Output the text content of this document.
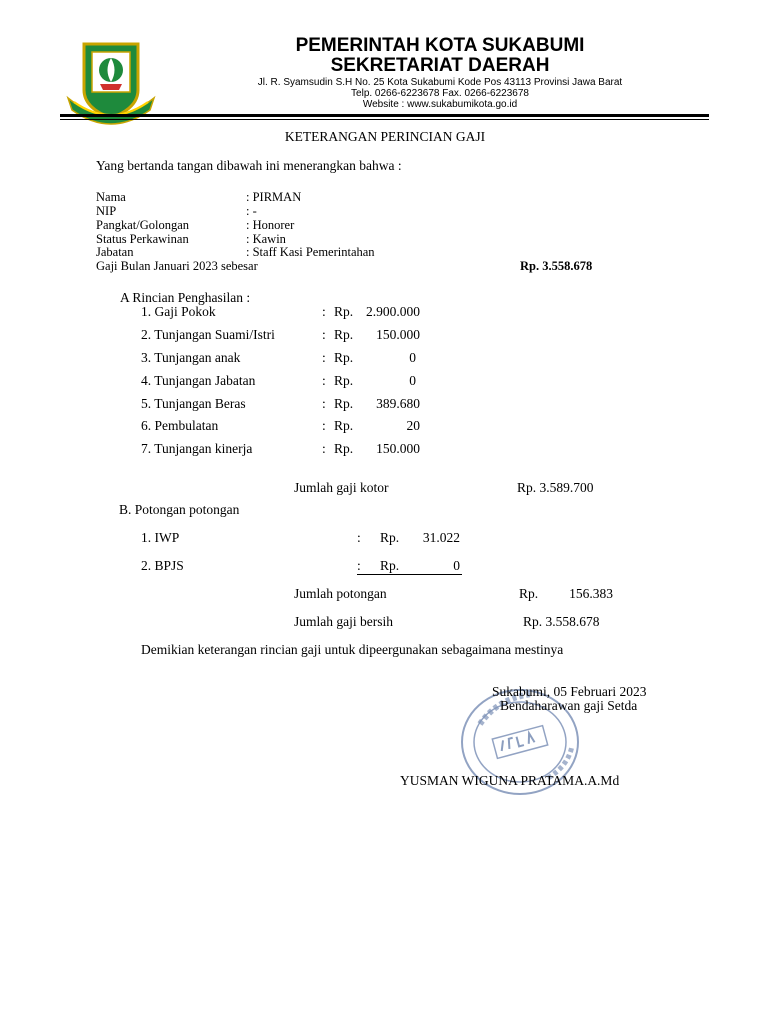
PEMERINTAH KOTA SUKABUMI
SEKRETARIAT DAERAH
Jl. R. Syamsudin S.H No. 25 Kota Sukabumi Kode Pos 43113 Provinsi Jawa Barat
Telp. 0266-6223678 Fax. 0266-6223678
Website : www.sukabumikota.go.id
KETERANGAN PERINCIAN GAJI
Yang bertanda tangan dibawah ini menerangkan bahwa :
Nama	: PIRMAN
NIP	: -
Pangkat/Golongan	: Honorer
Status Perkawinan	: Kawin
Jabatan	: Staff Kasi Pemerintahan
Gaji Bulan Januari 2023 sebesar	Rp. 3.558.678
A Rincian Penghasilan :
1. Gaji Pokok	: Rp. 2.900.000
2. Tunjangan Suami/Istri	: Rp.	150.000
3. Tunjangan anak	: Rp.	0
4. Tunjangan Jabatan	: Rp.	0
5. Tunjangan Beras	: Rp.	389.680
6. Pembulatan	: Rp.	20
7. Tunjangan kinerja	: Rp.	150.000
Jumlah gaji kotor	Rp. 3.589.700
B. Potongan potongan
1. IWP	: Rp.	31.022
2. BPJS	: Rp.	0
Jumlah potongan	Rp.	156.383
Jumlah gaji bersih	Rp. 3.558.678
Demikian keterangan rincian gaji untuk dipeergunakan sebagaimana mestinya
Sukabumi, 05 Februari 2023
Bendaharawan gaji Setda
YUSMAN WIGUNA PRATAMA.A.Md
